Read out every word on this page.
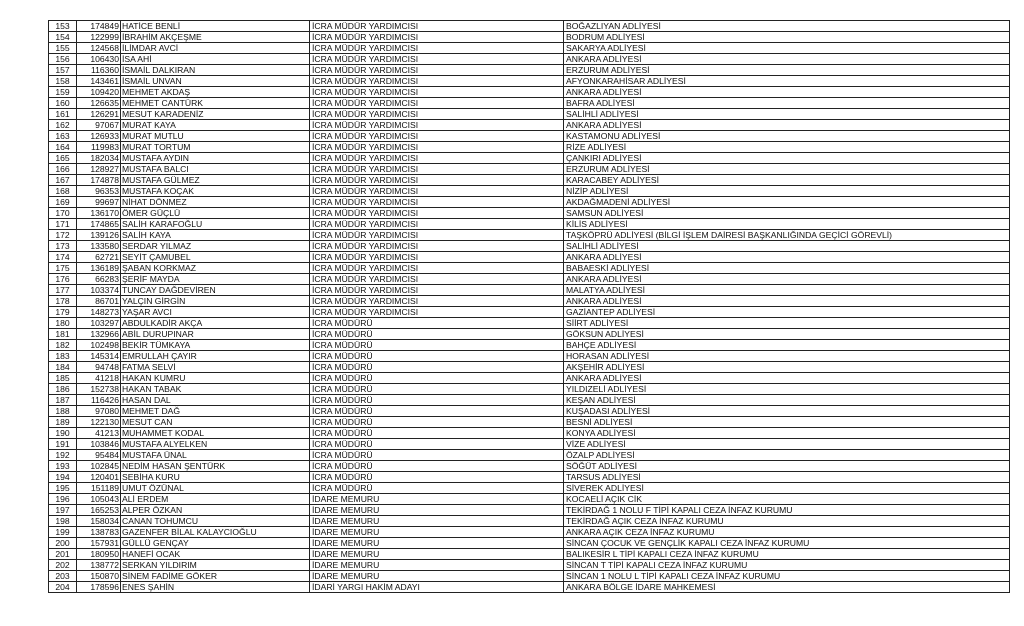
153	174849	HATİCE BENLİ	İCRA MÜDÜR YARDIMCISI	BOĞAZLIYAN ADLİYESİ
154	122999	İBRAHİM AKÇEŞME	İCRA MÜDÜR YARDIMCISI	BODRUM ADLİYESİ
155	124568	İLİMDAR AVCİ	İCRA MÜDÜR YARDIMCISI	SAKARYA ADLİYESİ
156	106430	İSA AHİ	İCRA MÜDÜR YARDIMCISI	ANKARA ADLİYESİ
157	116360	İSMAİL DALKIRAN	İCRA MÜDÜR YARDIMCISI	ERZURUM ADLİYESİ
158	143461	İSMAİL UNVAN	İCRA MÜDÜR YARDIMCISI	AFYONKARAHİSAR ADLİYESİ
159	109420	MEHMET AKDAŞ	İCRA MÜDÜR YARDIMCISI	ANKARA ADLİYESİ
160	126635	MEHMET CANTÜRK	İCRA MÜDÜR YARDIMCISI	BAFRA ADLİYESİ
161	126291	MESUT KARADENİZ	İCRA MÜDÜR YARDIMCISI	SALİHLİ ADLİYESİ
162	97067	MURAT KAYA	İCRA MÜDÜR YARDIMCISI	ANKARA ADLİYESİ
163	126933	MURAT MUTLU	İCRA MÜDÜR YARDIMCISI	KASTAMONU ADLİYESİ
164	119983	MURAT TORTUM	İCRA MÜDÜR YARDIMCISI	RİZE ADLİYESİ
165	182034	MUSTAFA AYDIN	İCRA MÜDÜR YARDIMCISI	ÇANKIRI ADLİYESİ
166	128927	MUSTAFA BALCI	İCRA MÜDÜR YARDIMCISI	ERZURUM ADLİYESİ
167	174878	MUSTAFA GÜLMEZ	İCRA MÜDÜR YARDIMCISI	KARACABEY ADLİYESİ
168	96353	MUSTAFA KOÇAK	İCRA MÜDÜR YARDIMCISI	NİZİP ADLİYESİ
169	99697	NİHAT DÖNMEZ	İCRA MÜDÜR YARDIMCISI	AKDAĞMADENİ ADLİYESİ
170	136170	ÖMER GÜÇLÜ	İCRA MÜDÜR YARDIMCISI	SAMSUN ADLİYESİ
171	174865	SALİH KARAFOĞLU	İCRA MÜDÜR YARDIMCISI	KİLİS ADLİYESİ
172	139126	SALİH KAYA	İCRA MÜDÜR YARDIMCISI	TAŞKÖPRÜ ADLİYESİ (BİLGİ İŞLEM DAİRESİ BAŞKANLIĞINDA GEÇİCİ GÖREVLİ)
173	133580	SERDAR YILMAZ	İCRA MÜDÜR YARDIMCISI	SALİHLİ ADLİYESİ
174	62721	SEYİT ÇAMUBEL	İCRA MÜDÜR YARDIMCISI	ANKARA ADLİYESİ
175	136189	ŞABAN KORKMAZ	İCRA MÜDÜR YARDIMCISI	BABAESKİ ADLİYESİ
176	66283	ŞERİF MAYDA	İCRA MÜDÜR YARDIMCISI	ANKARA ADLİYESİ
177	103374	TUNCAY DAĞDEVİREN	İCRA MÜDÜR YARDIMCISI	MALATYA ADLİYESİ
178	86701	YALÇIN GİRGİN	İCRA MÜDÜR YARDIMCISI	ANKARA ADLİYESİ
179	148273	YAŞAR AVCI	İCRA MÜDÜR YARDIMCISI	GAZİANTEP ADLİYESİ
180	103297	ABDULKADİR AKÇA	İCRA MÜDÜRÜ	SİİRT ADLİYESİ
181	132966	ABİL DURUPINAR	İCRA MÜDÜRÜ	GÖKSUN ADLİYESİ
182	102498	BEKİR TÜMKAYA	İCRA MÜDÜRÜ	BAHÇE ADLİYESİ
183	145314	EMRULLAH ÇAYIR	İCRA MÜDÜRÜ	HORASAN ADLİYESİ
184	94748	FATMA SELVİ	İCRA MÜDÜRÜ	AKŞEHİR ADLİYESİ
185	41218	HAKAN KUMRU	İCRA MÜDÜRÜ	ANKARA ADLİYESİ
186	152738	HAKAN TABAK	İCRA MÜDÜRÜ	YILDIZELİ ADLİYESİ
187	116426	HASAN DAL	İCRA MÜDÜRÜ	KEŞAN ADLİYESİ
188	97080	MEHMET DAĞ	İCRA MÜDÜRÜ	KUŞADASI ADLİYESİ
189	122130	MESUT CAN	İCRA MÜDÜRÜ	BESNİ ADLİYESİ
190	41213	MUHAMMET KODAL	İCRA MÜDÜRÜ	KONYA ADLİYESİ
191	103846	MUSTAFA ALYELKEN	İCRA MÜDÜRÜ	VİZE ADLİYESİ
192	95484	MUSTAFA ÜNAL	İCRA MÜDÜRÜ	ÖZALP ADLİYESİ
193	102845	NEDİM HASAN ŞENTÜRK	İCRA MÜDÜRÜ	SÖĞÜT ADLİYESİ
194	120401	SEBİHA KURU	İCRA MÜDÜRÜ	TARSUS ADLİYESİ
195	151189	UMUT ÖZÜNAL	İCRA MÜDÜRÜ	SİVEREK ADLİYESİ
196	105043	ALİ ERDEM	İDARE MEMURU	KOCAELİ AÇIK CİK
197	165253	ALPER ÖZKAN	İDARE MEMURU	TEKİRDAĞ 1 NOLU F TİPİ KAPALI CEZA İNFAZ KURUMU
198	158034	CANAN TOHUMCU	İDARE MEMURU	TEKİRDAĞ AÇIK CEZA İNFAZ KURUMU
199	138783	GAZENFER BİLAL KALAYCIOĞLU	İDARE MEMURU	ANKARA AÇIK CEZA İNFAZ KURUMU
200	157931	GÜLLÜ GENÇAY	İDARE MEMURU	SİNCAN ÇOCUK VE GENÇLİK KAPALI CEZA İNFAZ KURUMU
201	180950	HANEFİ OCAK	İDARE MEMURU	BALIKESİR L TİPİ KAPALI CEZA İNFAZ KURUMU
202	138772	SERKAN YILDIRIM	İDARE MEMURU	SİNCAN T TİPİ KAPALI CEZA İNFAZ KURUMU
203	150870	SİNEM FADİME GÖKER	İDARE MEMURU	SİNCAN 1 NOLU L TİPİ KAPALI CEZA İNFAZ KURUMU
204	178596	ENES ŞAHİN	İDARİ YARGI HAKİM ADAYI	ANKARA BÖLGE İDARE MAHKEMESİ
